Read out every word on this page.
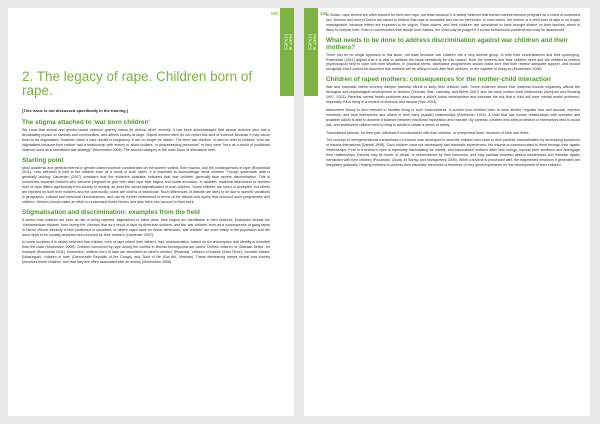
191
PART III
ISSUES
2. The legacy of rape. Children born of rape.
[This issue is not discussed specifically in the training.]
The stigma attached to 'war born children'

We know that sexual and gender-based violence gravely harms its victims. More recently, it has been acknowledged that sexual violence also has a devastating impact on families and communities, and affects society at large. Raped women often do not report this kind of violence because it may cause them to be stigmatised. However, when a rape results in pregnancy, it can no longer be hidden. The term 'war children' is used to refer to children "who are stigmatised because their mother had a relationship with enemy or allied soldiers, or peacekeeping personnel" or they were "born as a result of politicised violence used as a sexualised war strategy" (Mochmann 2008). The second category is the main focus of discussion here.

Starting point

Most academic and general interest in gender-based violence concentrates on the women victims, their trauma, and the consequences of rape (Rosenblad 2011). Less attention is paid to the children born as a result of such rapes. It is important to acknowledge these children. Though systematic data is generally lacking, Carpenter (2007) considers that the evidence available indicates that 'war children' generally face severe discrimination. This is sometimes because mothers who become pregnant or give birth after rape face stigma and social exclusion. In addition, maternal attachment to children born of rape differs significantly from society to society, as does the social stigmatisation of such children. Some children are loved or accepted, but others are rejected by both their mothers and the community; some are victims of infanticide. Such differences of attitude are likely to be due to specific variations in geographic, cultural and structural circumstances, and can be further understood in terms of the taboos and myths that surround such pregnancies and children. Helpers should make an effort to understand these factors and take them into account in their work.

Stigmatisation and discrimination: examples from the field

It seems that children are even at risk of being rejected, stigmatised or killed when their origins are identifiable in their features. Examples include the 'Vietnamerican children' born during the Vietnam War as a result of rape by American soldiers, and the 'war children' born as a consequence of gang-rapes in Darfur. Where ethnicity is less politicised or racialised, or where rapes have no ethnic dimension, 'war children' are more easily in the population and are more likely to be socially accepted and nurtured by their mothers (Carpenter 2007).

In some societies it is widely believed that children born of rape inherit their father's 'bad' characteristics, based on the assumption that identity is inherited from the male (Mochmann 2008). Children conceived by rape during the conflict in Bosnia-Herzegovina are called 'Chetnic children' or 'Bosnian Serbs', for example (Rosenblad 2011). Elsewhere, children born of rape are described as 'devil's children' (Rwanda), 'children of shame' (East Timor), 'monster babies' (Nicaragua), 'children of hate' (Democratic Republic of the Congo), and 'Dust of life' (Bụi đời, Vietnam). These demeaning names reveal how society perceives these children, and that they are often associated with an enemy (Mochmann 2008).

192
PART III
ISSUES

In Sudan, rape victims are often blamed for their own rape, not least because it is widely believed that women cannot become pregnant as a result of undesired sex. Women and men in Darfur are raised to believe that rape is avoidable and can be prevented. In most cases, the mother of a child born of rape is no longer marriageable, because letters are expected to be virgins. Rape victims, and their children, are considered to have brought shame on their families, which is likely to exclude both. Even in communities that accept such babies, the child may be judged if it shows behavioural problems and may be abandoned.

What needs to be done to address discrimination against war children and their mothers?

There can be no single approach to this issue, not least because 'war children' are a very diverse group, in both their circumstances and their upbringing. Rosenblad (2011) argues that it is vital to address the issue sensitively for this reason. Both the mothers and their children need and are entitled to receive psychological help to cope with their situation. In practical terms, assistance programmes should make sure that both receive adequate support, and should recognise that it cannot be assumed that mothers will be willing to look after their children, or are capable of doing so (Mochmann 2008).

Children of raped mothers: consequences for the mother-child interaction

War and traumatic stress severely hamper parental efforts to keep their children safe. Some evidence shows that maternal trauma negatively affects the biological and physiological development of children (Yehuda, Stat, Labinsky, and Bierer 2007) and the early mother-child relationship (Almqvist and Broberg 1997, 2003). Parental mental health problems also impede a child's social development and increase the risk that a child will have mental health problems, especially if it is living in a context of violence and trauma (Yule 2003).

Attachment theory is also relevant to families living in such environments. It models how children learn to seek shelter, regulate fear and arousal, express emotions, and trust themselves and others in their early (dyadic) relationships (Bretherton 1992). A child that has secure relationships with sensitive and available adults is able to achieve a balance between emotional exploration and restraint. By contrast, children who seek protection in themselves tend to avoid risk, and ambivalent children tend to cling to adults to obtain a sense of safety.

Traumatised parents, for their part, withdraw from interaction with their children, or overprotect them, because of their own fears.

The concept of 'intergenerational transmission of trauma' was developed to describe children who react to their parents' traumatisation by developing symptoms of trauma themselves (Daniell 1998). Such children have not necessarily had traumatic experiences: the trauma is communicated to them through their dyadic relationships. Fear in a mother's eyes is especially traumatising for infants, and traumatised mothers often lack energy, repress their emotions and disengage from relationships. Parents may be numb, in denial, or overwhelmed by their memories, and may oscillate between absent-mindedness and intrusive dyadic interaction with their children (Punamaki, Qouta, El Sarraj, and Montgomery 2006). When a trauma is processed well, the fragmented emotions it generates are integrated gradually. Helping mothers to process their traumatic memories is therefore of very great importance for the development of their children.
